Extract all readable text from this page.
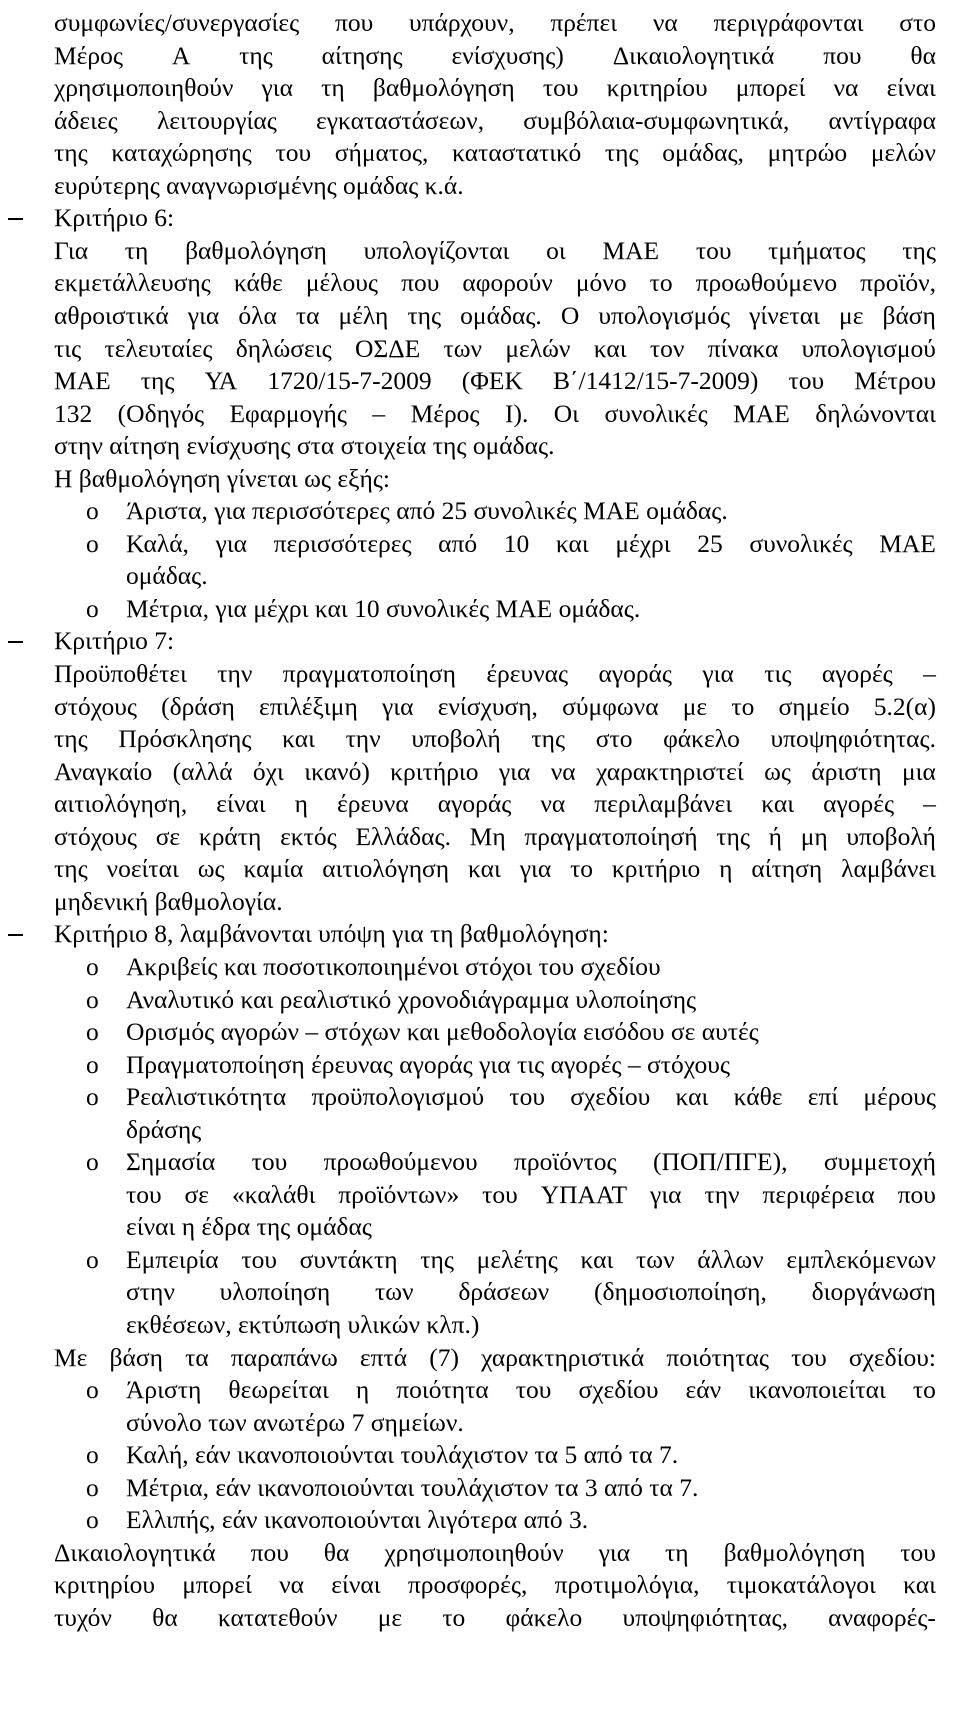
συμφωνίες/συνεργασίες που υπάρχουν, πρέπει να περιγράφονται στο
Μέρος Α της αίτησης ενίσχυσης) Δικαιολογητικά που θα
χρησιμοποιηθούν για τη βαθμολόγηση του κριτηρίου μπορεί να είναι
άδειες λειτουργίας εγκαταστάσεων, συμβόλαια-συμφωνητικά, αντίγραφα
της καταχώρησης του σήματος, καταστατικό της ομάδας, μητρώο μελών
ευρύτερης αναγνωρισμένης ομάδας κ.ά.
Κριτήριο 6:
Για τη βαθμολόγηση υπολογίζονται οι ΜΑΕ του τμήματος της
εκμετάλλευσης κάθε μέλους που αφορούν μόνο το προωθούμενο προϊόν,
αθροιστικά για όλα τα μέλη της ομάδας. Ο υπολογισμός γίνεται με βάση
τις τελευταίες δηλώσεις ΟΣΔΕ των μελών και τον πίνακα υπολογισμού
ΜΑΕ της ΥΑ 1720/15-7-2009 (ΦΕΚ Β΄/1412/15-7-2009) του Μέτρου
132 (Οδηγός Εφαρμογής – Μέρος Ι). Οι συνολικές ΜΑΕ δηλώνονται
στην αίτηση ενίσχυσης στα στοιχεία της ομάδας.
Η βαθμολόγηση γίνεται ως εξής:
o Άριστα, για περισσότερες από 25 συνολικές ΜΑΕ ομάδας.
o Καλά, για περισσότερες από 10 και μέχρι 25 συνολικές ΜΑΕ
ομάδας.
o Μέτρια, για μέχρι και 10 συνολικές ΜΑΕ ομάδας.
Κριτήριο 7:
Προϋποθέτει την πραγματοποίηση έρευνας αγοράς για τις αγορές –
στόχους (δράση επιλέξιμη για ενίσχυση, σύμφωνα με το σημείο 5.2(α)
της Πρόσκλησης και την υποβολή της στο φάκελο υποψηφιότητας.
Αναγκαίο (αλλά όχι ικανό) κριτήριο για να χαρακτηριστεί ως άριστη μια
αιτιολόγηση, είναι η έρευνα αγοράς να περιλαμβάνει και αγορές –
στόχους σε κράτη εκτός Ελλάδας. Μη πραγματοποίησή της ή μη υποβολή
της νοείται ως καμία αιτιολόγηση και για το κριτήριο η αίτηση λαμβάνει
μηδενική βαθμολογία.
Κριτήριο 8, λαμβάνονται υπόψη για τη βαθμολόγηση:
o Ακριβείς και ποσοτικοποιημένοι στόχοι του σχεδίου
o Αναλυτικό και ρεαλιστικό χρονοδιάγραμμα υλοποίησης
o Ορισμός αγορών – στόχων και μεθοδολογία εισόδου σε αυτές
o Πραγματοποίηση έρευνας αγοράς για τις αγορές – στόχους
o Ρεαλιστικότητα προϋπολογισμού του σχεδίου και κάθε επί μέρους
δράσης
o Σημασία του προωθούμενου προϊόντος (ΠΟΠ/ΠΓΕ), συμμετοχή
του σε «καλάθι προϊόντων» του ΥΠΑΑΤ για την περιφέρεια που
είναι η έδρα της ομάδας
o Εμπειρία του συντάκτη της μελέτης και των άλλων εμπλεκόμενων
στην υλοποίηση των δράσεων (δημοσιοποίηση, διοργάνωση
εκθέσεων, εκτύπωση υλικών κλπ.)
Με βάση τα παραπάνω επτά (7) χαρακτηριστικά ποιότητας του σχεδίου:
o Άριστη θεωρείται η ποιότητα του σχεδίου εάν ικανοποιείται το
σύνολο των ανωτέρω 7 σημείων.
o Καλή, εάν ικανοποιούνται τουλάχιστον τα 5 από τα 7.
o Μέτρια, εάν ικανοποιούνται τουλάχιστον τα 3 από τα 7.
o Ελλιπής, εάν ικανοποιούνται λιγότερα από 3.
Δικαιολογητικά που θα χρησιμοποιηθούν για τη βαθμολόγηση του
κριτηρίου μπορεί να είναι προσφορές, προτιμολόγια, τιμοκατάλογοι και
τυχόν θα κατατεθούν με το φάκελο υποψηφιότητας, αναφορές-
